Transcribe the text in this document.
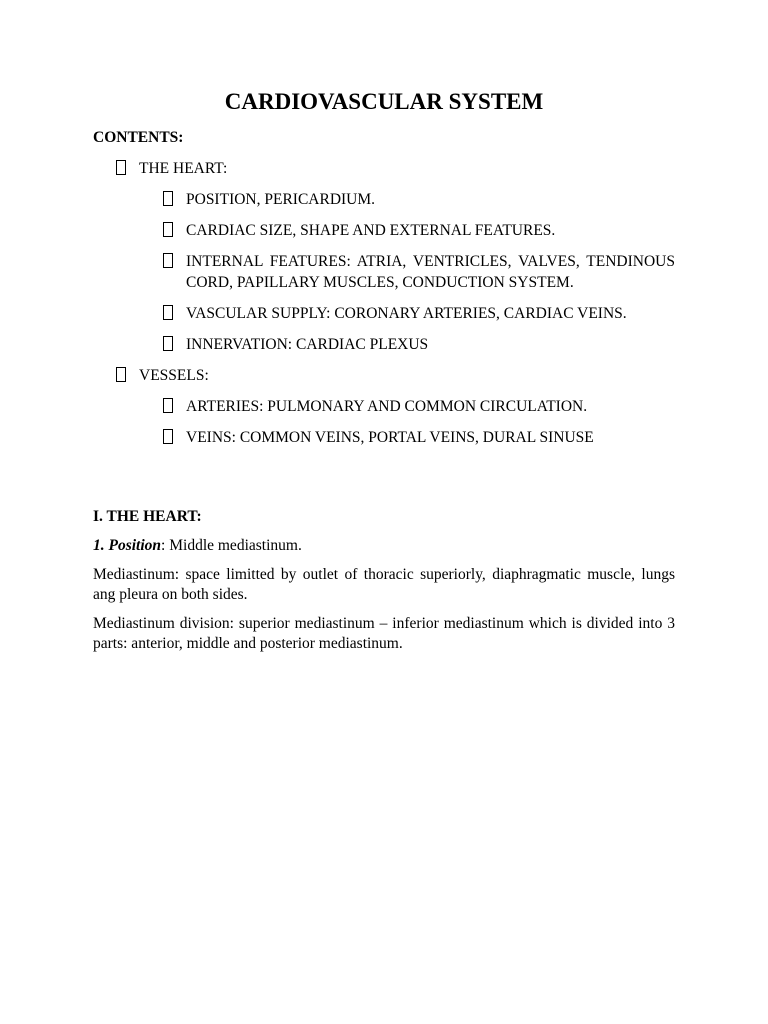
CARDIOVASCULAR SYSTEM

CONTENTS:

THE HEART:
POSITION, PERICARDIUM.
CARDIAC SIZE, SHAPE AND EXTERNAL FEATURES.
INTERNAL FEATURES: ATRIA, VENTRICLES, VALVES, TENDINOUS CORD, PAPILLARY MUSCLES, CONDUCTION SYSTEM.
VASCULAR SUPPLY: CORONARY ARTERIES, CARDIAC VEINS.
INNERVATION: CARDIAC PLEXUS
VESSELS:
ARTERIES: PULMONARY AND COMMON CIRCULATION.
VEINS: COMMON VEINS, PORTAL VEINS, DURAL SINUSE

I. THE HEART:

1. Position: Middle mediastinum.

Mediastinum: space limitted by outlet of thoracic superiorly, diaphragmatic muscle, lungs ang pleura on both sides.

Mediastinum division: superior mediastinum – inferior mediastinum which is divided into 3 parts: anterior, middle and posterior mediastinum.
